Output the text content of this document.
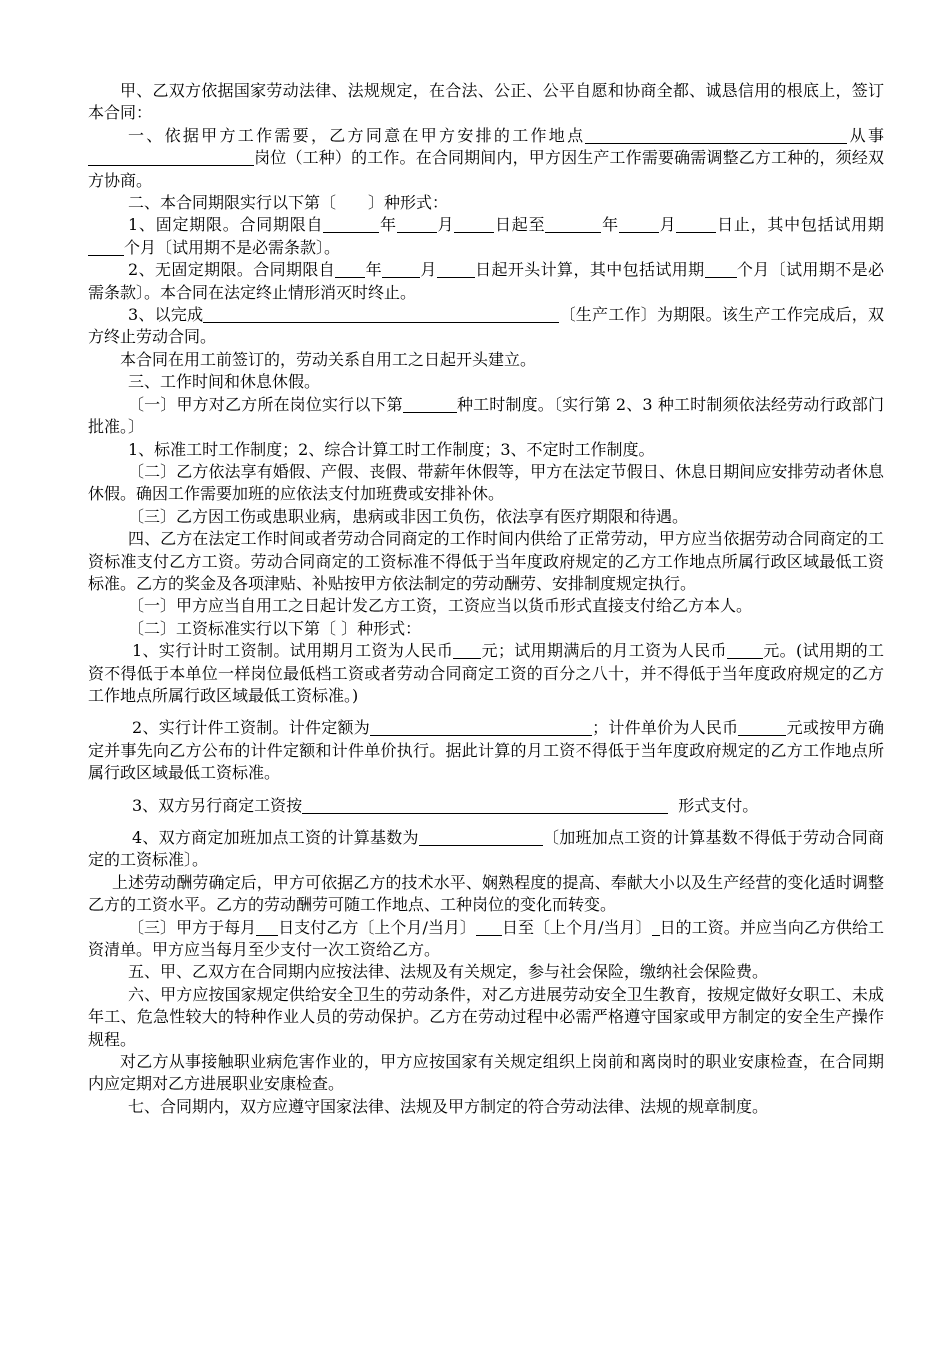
甲、乙双方依据国家劳动法律、法规规定，在合法、公正、公平自愿和协商全都、诚恳信用的根底上，签订本合同：

一、依据甲方工作需要，乙方同意在甲方安排的工作地点	从事岗位（工种）的工作。在合同期间内，甲方因生产工作需要确需调整乙方工种的，须经双方协商。

二、本合同期限实行以下第〔　　〕种形式：

1、固定期限。合同期限自	年	月	日起至	年	月	日止，其中包括试用期个月〔试用期不是必需条款〕。

2、无固定期限。合同期限自 年 月 日起开头计算，其中包括试用期 个月〔试用期不是必需条款〕。本合同在法定终止情形消灭时终止。

3、以完成	〔生产工作〕为期限。该生产工作完成后，双方终止劳动合同。

本合同在用工前签订的，劳动关系自用工之日起开头建立。

三、工作时间和休息休假。

〔一〕甲方对乙方所在岗位实行以下第	种工时制度。〔实行第 2、3 种工时制须依法经劳动行政部门批准。〕

1、标准工时工作制度；2、综合计算工时工作制度；3、不定时工作制度。

〔二〕乙方依法享有婚假、产假、丧假、带薪年休假等，甲方在法定节假日、休息日期间应安排劳动者休息休假。确因工作需要加班的应依法支付加班费或安排补休。

〔三〕乙方因工伤或患职业病，患病或非因工负伤，依法享有医疗期限和待遇。

四、乙方在法定工作时间或者劳动合同商定的工作时间内供给了正常劳动，甲方应当依据劳动合同商定的工资标准支付乙方工资。劳动合同商定的工资标准不得低于当年度政府规定的乙方工作地点所属行政区域最低工资标准。乙方的奖金及各项津贴、补贴按甲方依法制定的劳动酬劳、安排制度规定执行。

〔一〕甲方应当自用工之日起计发乙方工资，工资应当以货币形式直接支付给乙方本人。

〔二〕工资标准实行以下第〔 〕种形式：

1、实行计时工资制。试用期月工资为人民币 元；试用期满后的月工资为人民币 元。(试用期的工资不得低于本单位一样岗位最低档工资或者劳动合同商定工资的百分之八十，并不得低于当年度政府规定的乙方工作地点所属行政区域最低工资标准。)

2、实行计件工资制。计件定额为	；计件单价为人民币	元或按甲方确定并事先向乙方公布的计件定额和计件单价执行。据此计算的月工资不得低于当年度政府规定的乙方工作地点所属行政区域最低工资标准。

3、双方另行商定工资按	形式支付。

4、双方商定加班加点工资的计算基数为	〔加班加点工资的计算基数不得低于劳动合同商定的工资标准〕。

上述劳动酬劳确定后，甲方可依据乙方的技术水平、娴熟程度的提高、奉献大小以及生产经营的变化适时调整乙方的工资水平。乙方的劳动酬劳可随工作地点、工种岗位的变化而转变。

〔三〕甲方于每月 日支付乙方〔上个月/当月〕 日至〔上个月/当月〕 日的工资。并应当向乙方供给工资清单。甲方应当每月至少支付一次工资给乙方。

五、甲、乙双方在合同期内应按法律、法规及有关规定，参与社会保险，缴纳社会保险费。

六、甲方应按国家规定供给安全卫生的劳动条件，对乙方进展劳动安全卫生教育，按规定做好女职工、未成年工、危急性较大的特种作业人员的劳动保护。乙方在劳动过程中必需严格遵守国家或甲方制定的安全生产操作规程。

对乙方从事接触职业病危害作业的，甲方应按国家有关规定组织上岗前和离岗时的职业安康检查，在合同期内应定期对乙方进展职业安康检查。

七、合同期内，双方应遵守国家法律、法规及甲方制定的符合劳动法律、法规的规章制度。
